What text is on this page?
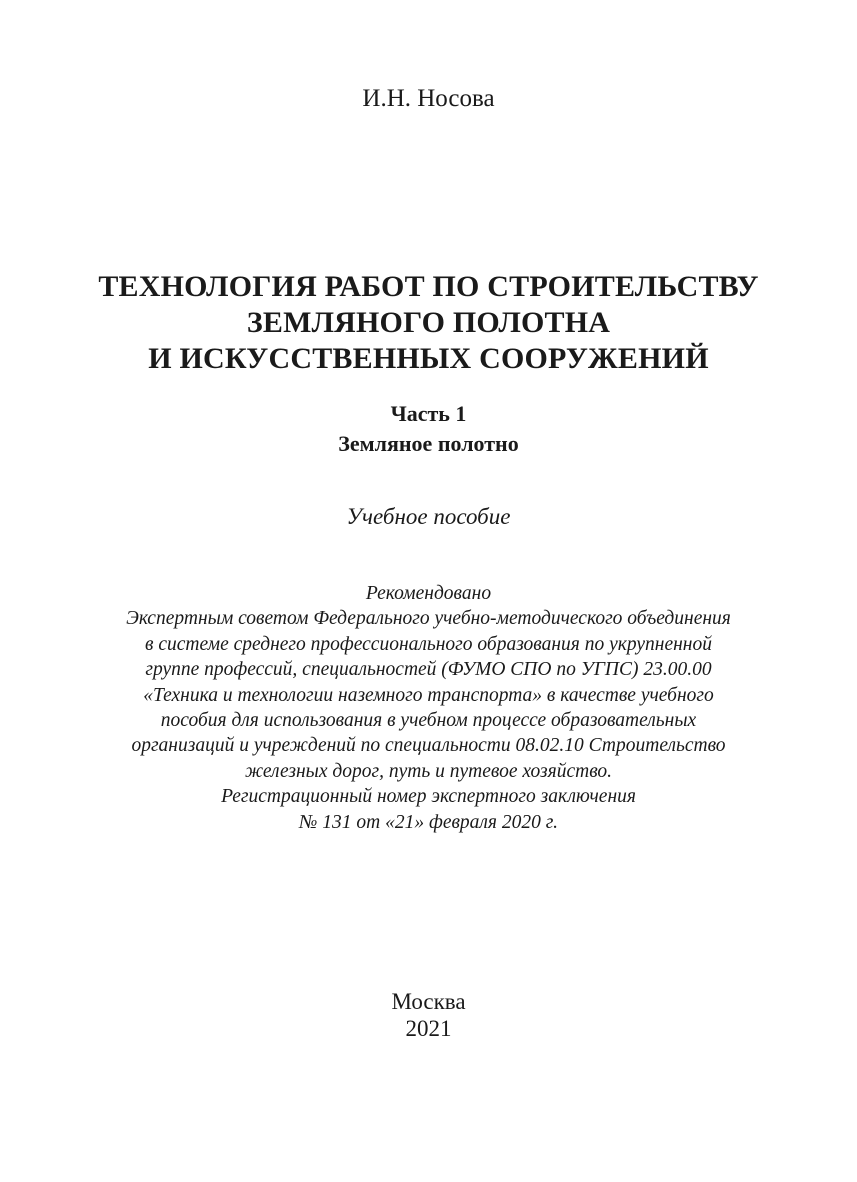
И.Н. Носова
ТЕХНОЛОГИЯ РАБОТ ПО СТРОИТЕЛЬСТВУ
ЗЕМЛЯНОГО ПОЛОТНА
И ИСКУССТВЕННЫХ СООРУЖЕНИЙ
Часть 1
Земляное полотно
Учебное пособие
Рекомендовано
Экспертным советом Федерального учебно-методического объединения
в системе среднего профессионального образования по укрупненной
группе профессий, специальностей (ФУМО СПО по УГПС) 23.00.00
«Техника и технологии наземного транспорта» в качестве учебного
пособия для использования в учебном процессе образовательных
организаций и учреждений по специальности 08.02.10 Строительство
железных дорог, путь и путевое хозяйство.
Регистрационный номер экспертного заключения
№ 131 от «21» февраля 2020 г.
Москва
2021
